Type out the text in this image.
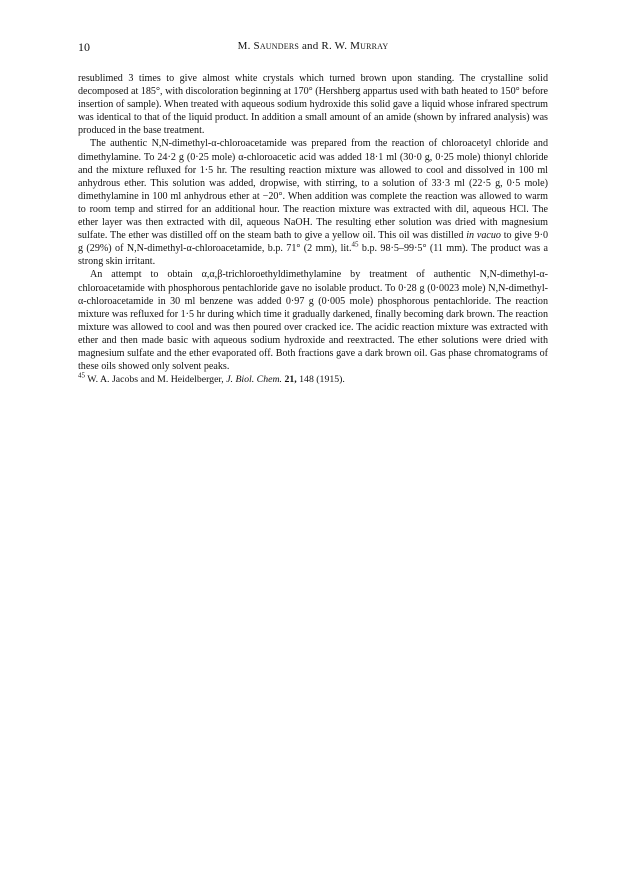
10	M. Saunders and R. W. Murray

resublimed 3 times to give almost white crystals which turned brown upon standing. The crystalline solid decomposed at 185°, with discoloration beginning at 170° (Hershberg appartus used with bath heated to 150° before insertion of sample). When treated with aqueous sodium hydroxide this solid gave a liquid whose infrared spectrum was identical to that of the liquid product. In addition a small amount of an amide (shown by infrared analysis) was produced in the base treatment.

The authentic N,N-dimethyl-α-chloroacetamide was prepared from the reaction of chloroacetyl chloride and dimethylamine. To 24·2 g (0·25 mole) α-chloroacetic acid was added 18·1 ml (30·0 g, 0·25 mole) thionyl chloride and the mixture refluxed for 1·5 hr. The resulting reaction mixture was allowed to cool and dissolved in 100 ml anhydrous ether. This solution was added, dropwise, with stirring, to a solution of 33·3 ml (22·5 g, 0·5 mole) dimethylamine in 100 ml anhydrous ether at −20°. When addition was complete the reaction was allowed to warm to room temp and stirred for an additional hour. The reaction mixture was extracted with dil, aqueous HCl. The ether layer was then extracted with dil, aqueous NaOH. The resulting ether solution was dried with magnesium sulfate. The ether was distilled off on the steam bath to give a yellow oil. This oil was distilled in vacuo to give 9·0 g (29%) of N,N-dimethyl-α-chloroacetamide, b.p. 71° (2 mm), lit.$^{45}$ b.p. 98·5–99·5° (11 mm). The product was a strong skin irritant.

An attempt to obtain α,α,β-trichloroethyldimethylamine by treatment of authentic N,N-dimethyl-α-chloroacetamide with phosphorous pentachloride gave no isolable product. To 0·28 g (0·0023 mole) N,N-dimethyl-α-chloroacetamide in 30 ml benzene was added 0·97 g (0·005 mole) phosphorous pentachloride. The reaction mixture was refluxed for 1·5 hr during which time it gradually darkened, finally becoming dark brown. The reaction mixture was allowed to cool and was then poured over cracked ice. The acidic reaction mixture was extracted with ether and then made basic with aqueous sodium hydroxide and reextracted. The ether solutions were dried with magnesium sulfate and the ether evaporated off. Both fractions gave a dark brown oil. Gas phase chromatograms of these oils showed only solvent peaks.

$^{45}$ W. A. Jacobs and M. Heidelberger, J. Biol. Chem. 21, 148 (1915).
